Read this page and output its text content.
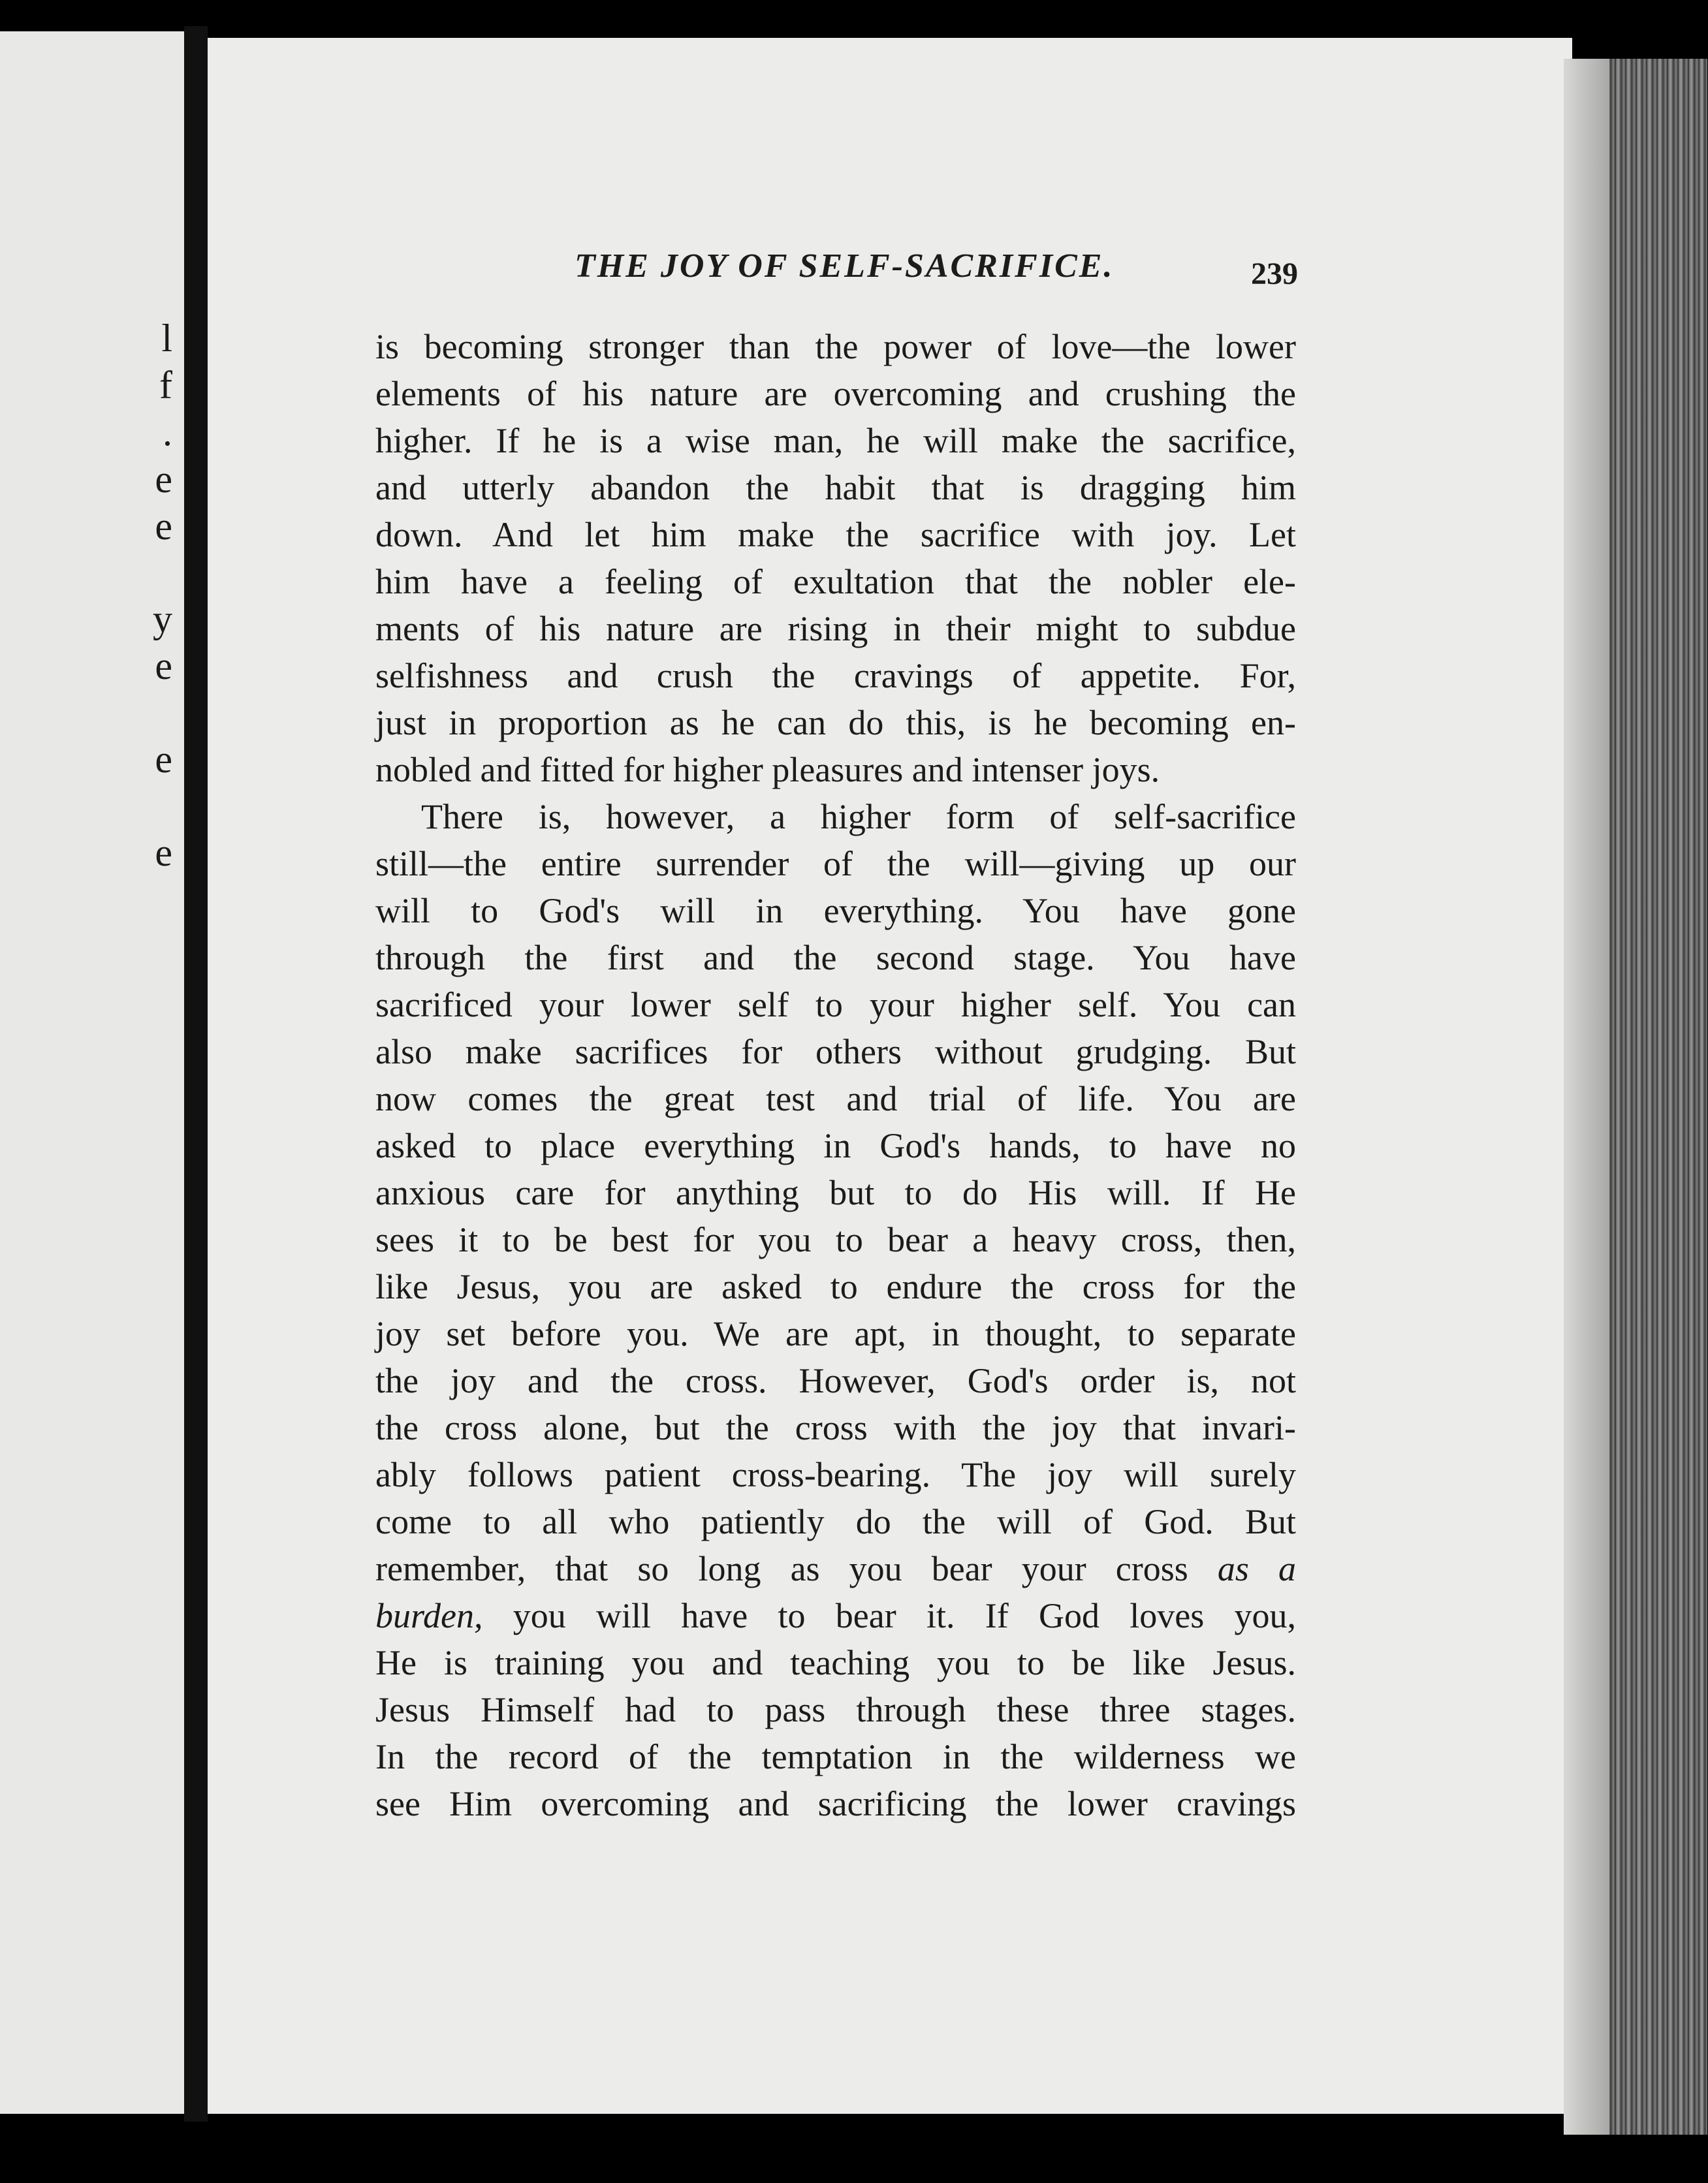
l
f
.
e
e
y
e
e
e
THE JOY OF SELF-SACRIFICE.	239
is becoming stronger than the power of love—the lower
elements of his nature are overcoming and crushing the
higher. If he is a wise man, he will make the sacrifice,
and utterly abandon the habit that is dragging him
down. And let him make the sacrifice with joy. Let
him have a feeling of exultation that the nobler ele-
ments of his nature are rising in their might to subdue
selfishness and crush the cravings of appetite. For,
just in proportion as he can do this, is he becoming en-
nobled and fitted for higher pleasures and intenser joys.
There is, however, a higher form of self-sacrifice
still—the entire surrender of the will—giving up our
will to God's will in everything. You have gone
through the first and the second stage. You have
sacrificed your lower self to your higher self. You can
also make sacrifices for others without grudging. But
now comes the great test and trial of life. You are
asked to place everything in God's hands, to have no
anxious care for anything but to do His will. If He
sees it to be best for you to bear a heavy cross, then,
like Jesus, you are asked to endure the cross for the
joy set before you. We are apt, in thought, to separate
the joy and the cross. However, God's order is, not
the cross alone, but the cross with the joy that invari-
ably follows patient cross-bearing. The joy will surely
come to all who patiently do the will of God. But
remember, that so long as you bear your cross as a
burden, you will have to bear it. If God loves you,
He is training you and teaching you to be like Jesus.
Jesus Himself had to pass through these three stages.
In the record of the temptation in the wilderness we
see Him overcoming and sacrificing the lower cravings
